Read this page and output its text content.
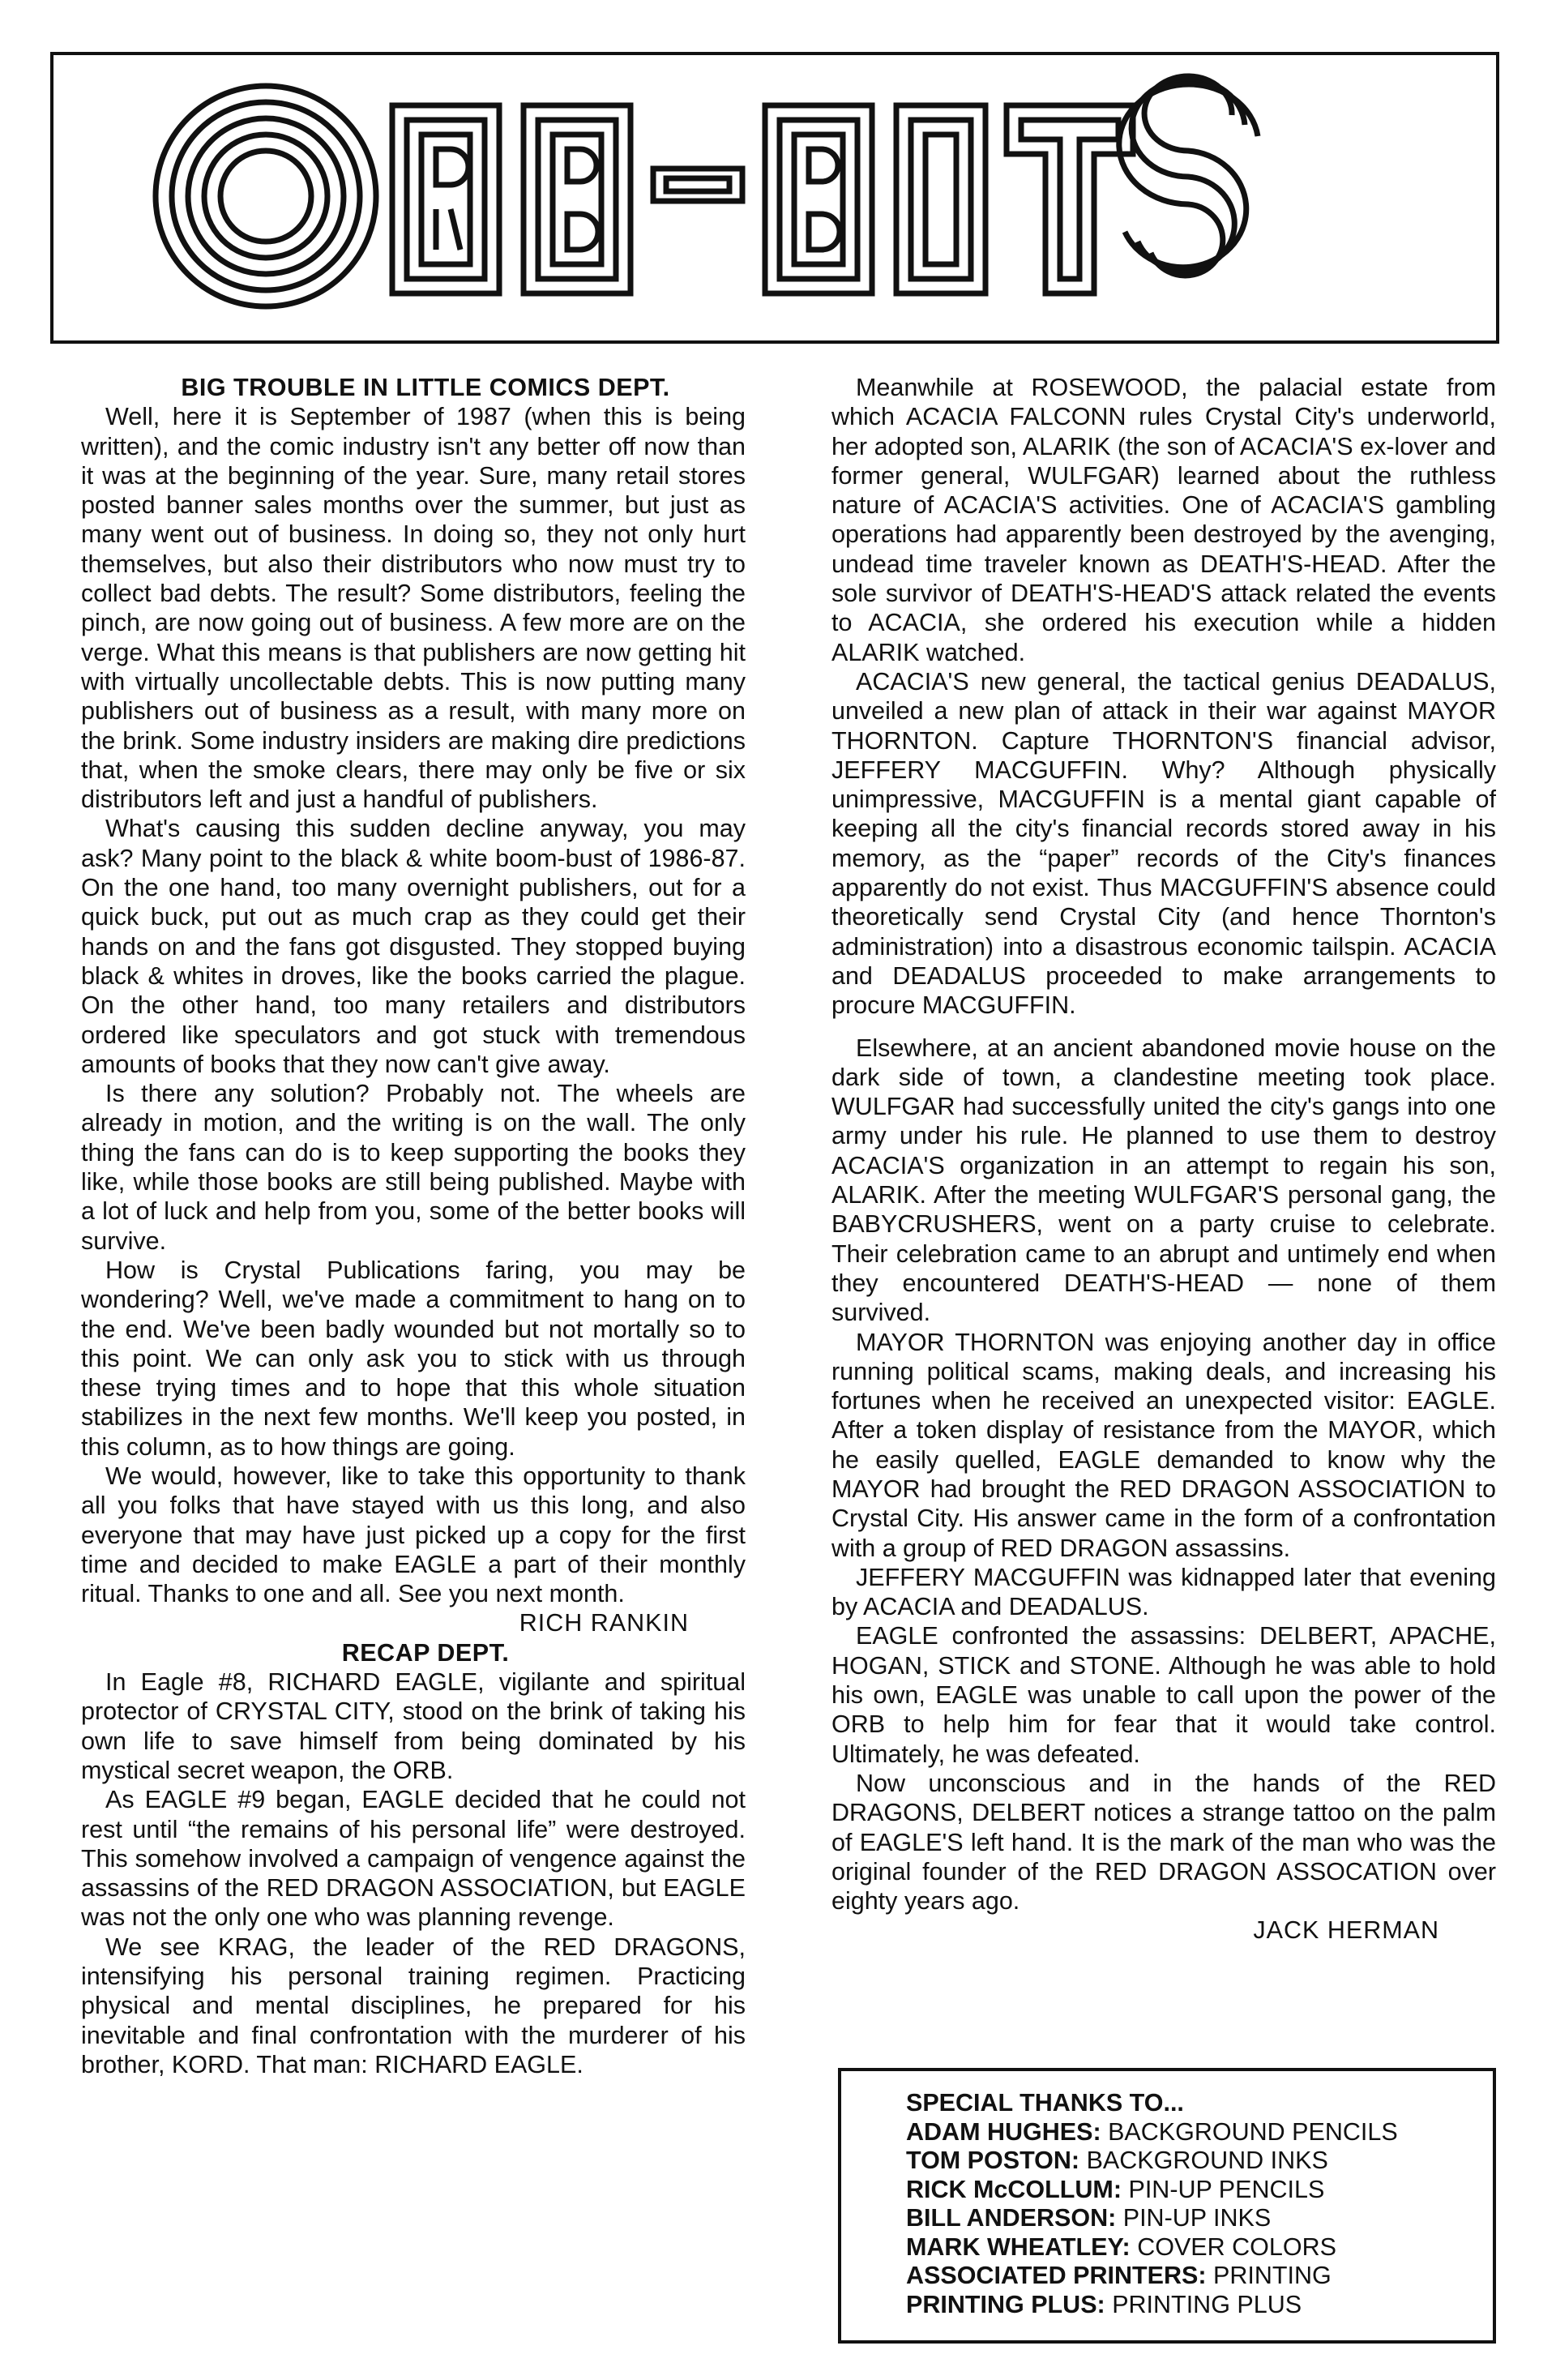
BIG TROUBLE IN LITTLE COMICS DEPT.

Well, here it is September of 1987 (when this is being written), and the comic industry isn't any better off now than it was at the beginning of the year. Sure, many retail stores posted banner sales months over the summer, but just as many went out of business. In doing so, they not only hurt themselves, but also their distributors who now must try to collect bad debts. The result? Some distributors, feeling the pinch, are now going out of business. A few more are on the verge. What this means is that publishers are now getting hit with virtually uncollectable debts. This is now putting many publishers out of business as a result, with many more on the brink. Some industry insiders are making dire predictions that, when the smoke clears, there may only be five or six distributors left and just a handful of publishers.

What's causing this sudden decline anyway, you may ask? Many point to the black & white boom-bust of 1986-87. On the one hand, too many overnight publishers, out for a quick buck, put out as much crap as they could get their hands on and the fans got disgusted. They stopped buying black & whites in droves, like the books carried the plague. On the other hand, too many retailers and distributors ordered like speculators and got stuck with tremendous amounts of books that they now can't give away.

Is there any solution? Probably not. The wheels are already in motion, and the writing is on the wall. The only thing the fans can do is to keep supporting the books they like, while those books are still being published. Maybe with a lot of luck and help from you, some of the better books will survive.

How is Crystal Publications faring, you may be wondering? Well, we've made a commitment to hang on to the end. We've been badly wounded but not mortally so to this point. We can only ask you to stick with us through these trying times and to hope that this whole situation stabilizes in the next few months. We'll keep you posted, in this column, as to how things are going.

We would, however, like to take this opportunity to thank all you folks that have stayed with us this long, and also everyone that may have just picked up a copy for the first time and decided to make EAGLE a part of their monthly ritual. Thanks to one and all. See you next month.

RICH RANKIN

RECAP DEPT.

In Eagle #8, RICHARD EAGLE, vigilante and spiritual protector of CRYSTAL CITY, stood on the brink of taking his own life to save himself from being dominated by his mystical secret weapon, the ORB.

As EAGLE #9 began, EAGLE decided that he could not rest until “the remains of his personal life” were destroyed. This somehow involved a campaign of vengence against the assassins of the RED DRAGON ASSOCIATION, but EAGLE was not the only one who was planning revenge.

We see KRAG, the leader of the RED DRAGONS, intensifying his personal training regimen. Practicing physical and mental disciplines, he prepared for his inevitable and final confrontation with the murderer of his brother, KORD. That man: RICHARD EAGLE.

Meanwhile at ROSEWOOD, the palacial estate from which ACACIA FALCONN rules Crystal City's underworld, her adopted son, ALARIK (the son of ACACIA'S ex-lover and former general, WULFGAR) learned about the ruthless nature of ACACIA'S activities. One of ACACIA'S gambling operations had apparently been destroyed by the avenging, undead time traveler known as DEATH'S-HEAD. After the sole survivor of DEATH'S-HEAD'S attack related the events to ACACIA, she ordered his execution while a hidden ALARIK watched.

ACACIA'S new general, the tactical genius DEADALUS, unveiled a new plan of attack in their war against MAYOR THORNTON. Capture THORNTON'S financial advisor, JEFFERY MACGUFFIN. Why? Although physically unimpressive, MACGUFFIN is a mental giant capable of keeping all the city's financial records stored away in his memory, as the “paper” records of the City's finances apparently do not exist. Thus MACGUFFIN'S absence could theoretically send Crystal City (and hence Thornton's administration) into a disastrous economic tailspin. ACACIA and DEADALUS proceeded to make arrangements to procure MACGUFFIN.

Elsewhere, at an ancient abandoned movie house on the dark side of town, a clandestine meeting took place. WULFGAR had successfully united the city's gangs into one army under his rule. He planned to use them to destroy ACACIA'S organization in an attempt to regain his son, ALARIK. After the meeting WULFGAR'S personal gang, the BABYCRUSHERS, went on a party cruise to celebrate. Their celebration came to an abrupt and untimely end when they encountered DEATH'S-HEAD — none of them survived.

MAYOR THORNTON was enjoying another day in office running political scams, making deals, and increasing his fortunes when he received an unexpected visitor: EAGLE. After a token display of resistance from the MAYOR, which he easily quelled, EAGLE demanded to know why the MAYOR had brought the RED DRAGON ASSOCIATION to Crystal City. His answer came in the form of a confrontation with a group of RED DRAGON assassins.

JEFFERY MACGUFFIN was kidnapped later that evening by ACACIA and DEADALUS.

EAGLE confronted the assassins: DELBERT, APACHE, HOGAN, STICK and STONE. Although he was able to hold his own, EAGLE was unable to call upon the power of the ORB to help him for fear that it would take control. Ultimately, he was defeated.

Now unconscious and in the hands of the RED DRAGONS, DELBERT notices a strange tattoo on the palm of EAGLE'S left hand. It is the mark of the man who was the original founder of the RED DRAGON ASSOCATION over eighty years ago.

JACK HERMAN

SPECIAL THANKS TO...
ADAM HUGHES: BACKGROUND PENCILS
TOM POSTON: BACKGROUND INKS
RICK McCOLLUM: PIN-UP PENCILS
BILL ANDERSON: PIN-UP INKS
MARK WHEATLEY: COVER COLORS
ASSOCIATED PRINTERS: PRINTING
PRINTING PLUS: PRINTING PLUS
